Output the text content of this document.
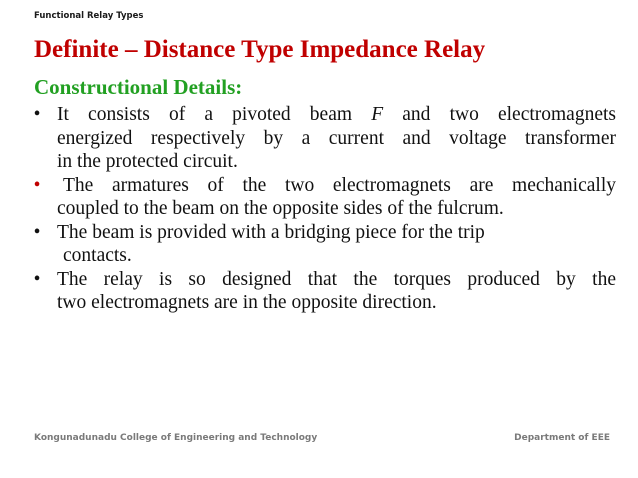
Functional Relay Types
Definite – Distance Type Impedance Relay
Constructional Details:
• It consists of a pivoted beam F and two electromagnets
energized respectively by a current and voltage transformer
in the protected circuit.
•	The armatures of the two electromagnets are mechanically
coupled to the beam on the opposite sides of the fulcrum.
• The beam is provided with a bridging piece for the trip
contacts.
• The relay is so designed that the torques produced by the
two electromagnets are in the opposite direction.
Kongunadunadu College of Engineering and Technology	Department of EEE
